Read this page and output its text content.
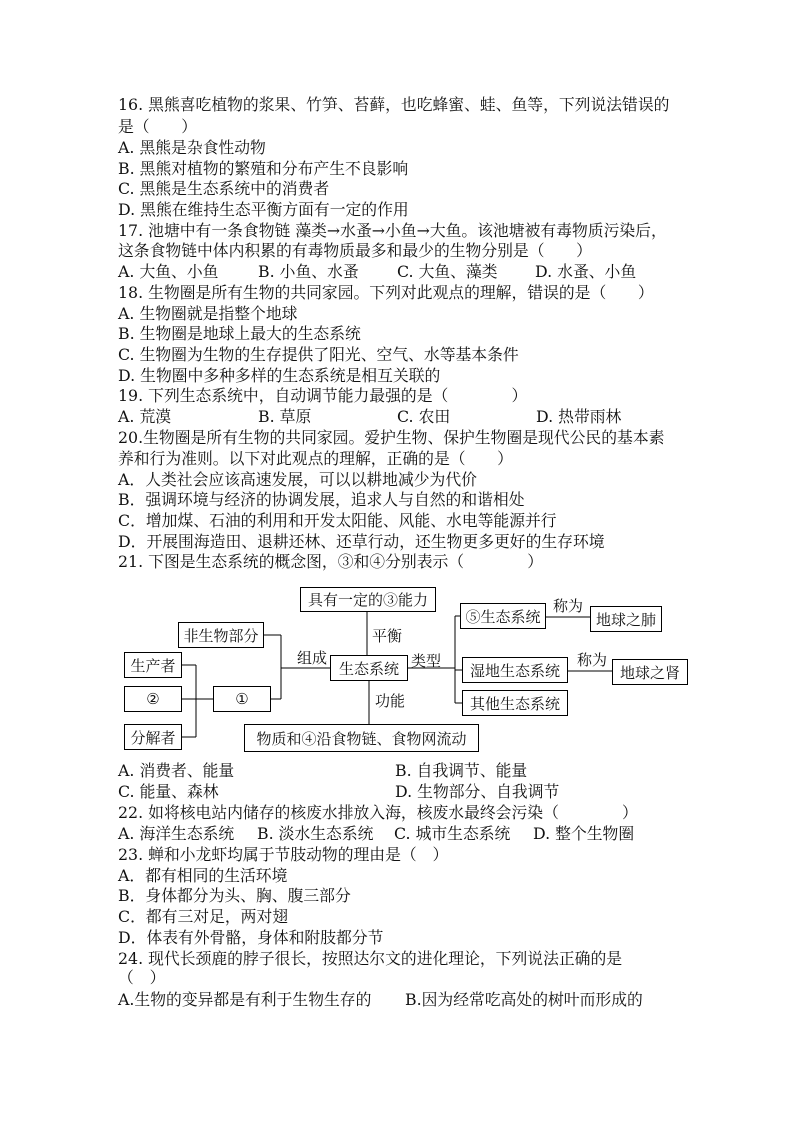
16. 黑熊喜吃植物的浆果、竹笋、苔藓，也吃蜂蜜、蛙、鱼等，下列说法错误的
是（　　）
A. 黑熊是杂食性动物
B. 黑熊对植物的繁殖和分布产生不良影响
C. 黑熊是生态系统中的消费者
D. 黑熊在维持生态平衡方面有一定的作用
17. 池塘中有一条食物链 藻类→水蚤→小鱼→大鱼。该池塘被有毒物质污染后，
这条食物链中体内积累的有毒物质最多和最少的生物分别是（　　）
A. 大鱼、小鱼	B. 小鱼、水蚤 C. 大鱼、藻类 D. 水蚤、小鱼
18. 生物圈是所有生物的共同家园。下列对此观点的理解，错误的是（　　）
A. 生物圈就是指整个地球
B. 生物圈是地球上最大的生态系统
C. 生物圈为生物的生存提供了阳光、空气、水等基本条件
D. 生物圈中多种多样的生态系统是相互关联的
19. 下列生态系统中，自动调节能力最强的是（　　　　）
A. 荒漠	B. 草原	C. 农田	D. 热带雨林
20.生物圈是所有生物的共同家园。爱护生物、保护生物圈是现代公民的基本素
养和行为准则。以下对此观点的理解，正确的是（　　）
A．人类社会应该高速发展，可以以耕地减少为代价
B．强调环境与经济的协调发展，追求人与自然的和谐相处
C．增加煤、石油的利用和开发太阳能、风能、水电等能源并行
D．开展围海造田、退耕还林、还草行动，还生物更多更好的生存环境
21. 下图是生态系统的概念图，③和④分别表示（　　　　）
具有一定的③能力
平衡
非生物部分
组成
生态系统 类型
⑤生态系统
称为
地球之肺
湿地生态系统
称为
地球之肾
其他生态系统
生产者
②	①
分解者
功能
物质和④沿食物链、食物网流动
A. 消费者、能量	B. 自我调节、能量
C. 能量、森林	D. 生物部分、自我调节
22. 如将核电站内储存的核废水排放入海，核废水最终会污染（　　　　）
A. 海洋生态系统 B. 淡水生态系统 C. 城市生态系统 D. 整个生物圈
23. 蝉和小龙虾均属于节肢动物的理由是（　）
A．都有相同的生活环境
B．身体都分为头、胸、腹三部分
C．都有三对足，两对翅
D．体表有外骨骼，身体和附肢都分节
24. 现代长颈鹿的脖子很长，按照达尔文的进化理论，下列说法正确的是
（　）
A.生物的变异都是有利于生物生存的 B.因为经常吃高处的树叶而形成的
